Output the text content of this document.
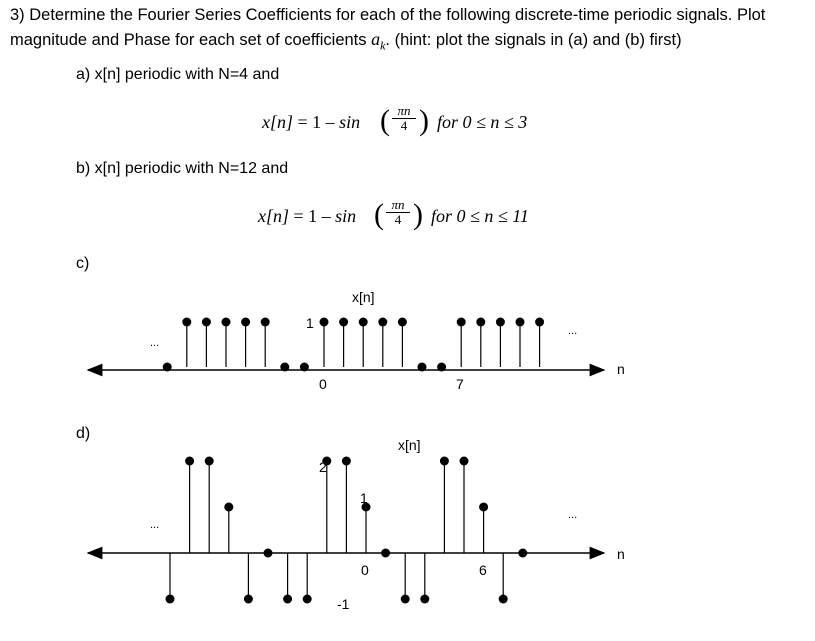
3) Determine the Fourier Series Coefficients for each of the following discrete-time periodic signals. Plot
magnitude and Phase for each set of coefficients $a_k$. (hint: plot the signals in (a) and (b) first)
a) x[n] periodic with N=4 and
x[n] = 1 – sin ( πn
4 ) for 0 ≤ n ≤ 3
b) x[n] periodic with N=12 and
x[n] = 1 – sin ( πn
4 ) for 0 ≤ n ≤ 11
c)
d)
x[n]
1
0	7
n
...
...
x[n]
2
1
0	6
-1
n
...
...
